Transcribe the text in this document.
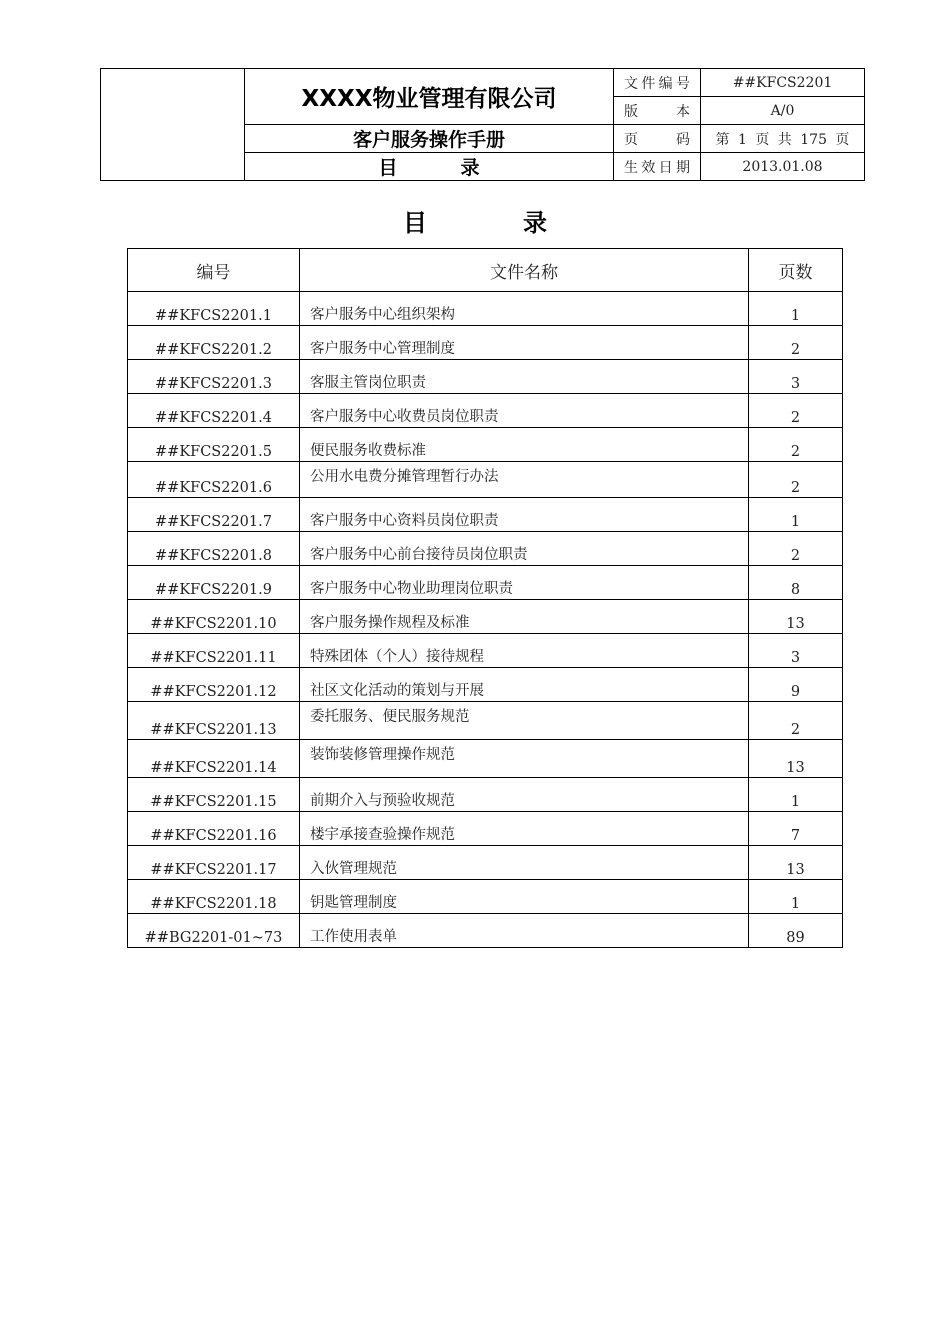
	XXXX物业管理有限公司	文件编号	##KFCS2201
		版　　本	A/0
	客户服务操作手册	页　　码	第 1 页 共 175 页
	目　录	生效日期	2013.01.08
目　录
编号	文件名称	页数
##KFCS2201.1	客户服务中心组织架构	1
##KFCS2201.2	客户服务中心管理制度	2
##KFCS2201.3	客服主管岗位职责	3
##KFCS2201.4	客户服务中心收费员岗位职责	2
##KFCS2201.5	便民服务收费标准	2
##KFCS2201.6	公用水电费分摊管理暂行办法	2
##KFCS2201.7	客户服务中心资料员岗位职责	1
##KFCS2201.8	客户服务中心前台接待员岗位职责	2
##KFCS2201.9	客户服务中心物业助理岗位职责	8
##KFCS2201.10	客户服务操作规程及标准	13
##KFCS2201.11	特殊团体（个人）接待规程	3
##KFCS2201.12	社区文化活动的策划与开展	9
##KFCS2201.13	委托服务、便民服务规范	2
##KFCS2201.14	装饰装修管理操作规范	13
##KFCS2201.15	前期介入与预验收规范	1
##KFCS2201.16	楼宇承接查验操作规范	7
##KFCS2201.17	入伙管理规范	13
##KFCS2201.18	钥匙管理制度	1
##BG2201-01~73	工作使用表单	89
